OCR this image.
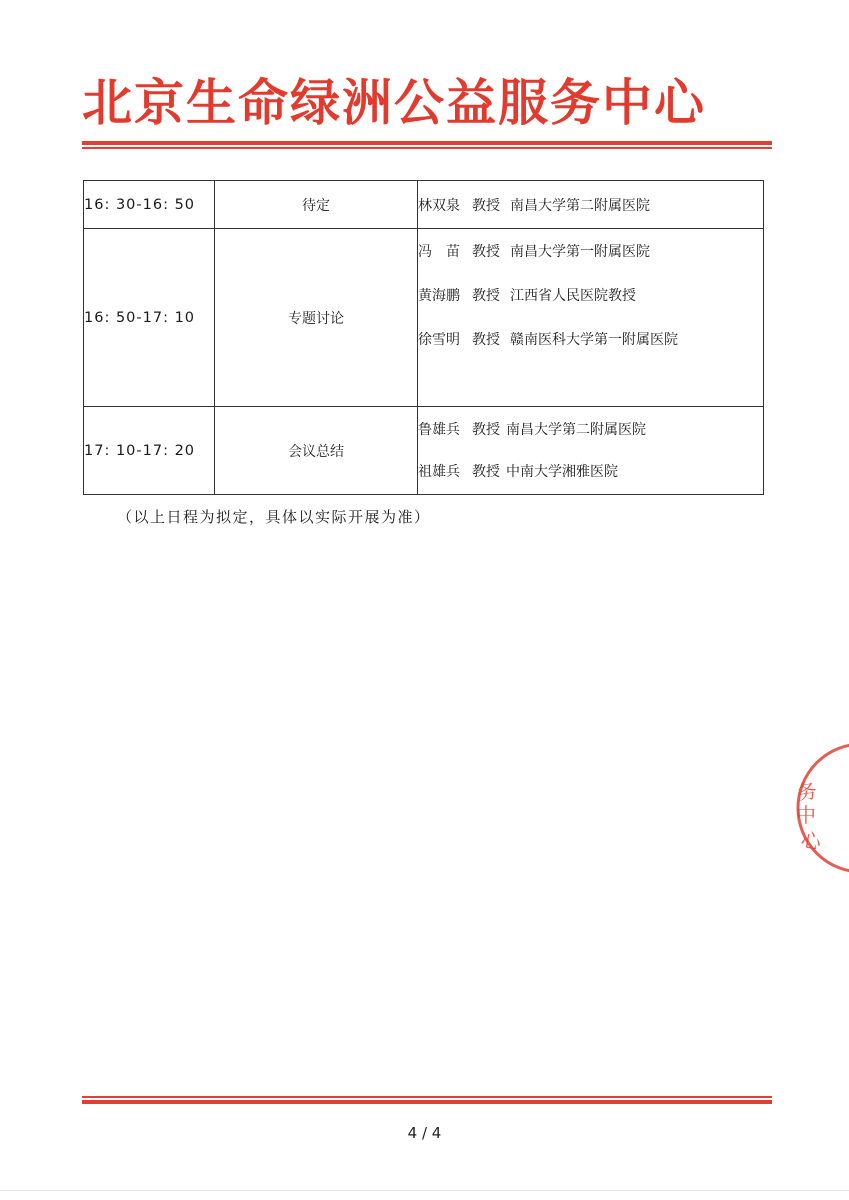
北京生命绿洲公益服务中心
16: 30-16: 50	待定	林双泉 教授 南昌大学第二附属医院

16: 50-17: 10	专题讨论	冯　苗 教授 南昌大学第一附属医院
黄海鹏 教授 江西省人民医院教授
徐雪明 教授 赣南医科大学第一附属医院

17: 10-17: 20	会议总结	鲁雄兵 教授 南昌大学第二附属医院
祖雄兵 教授 中南大学湘雅医院
（以上日程为拟定，具体以实际开展为准）
务
中
心
4 / 4
